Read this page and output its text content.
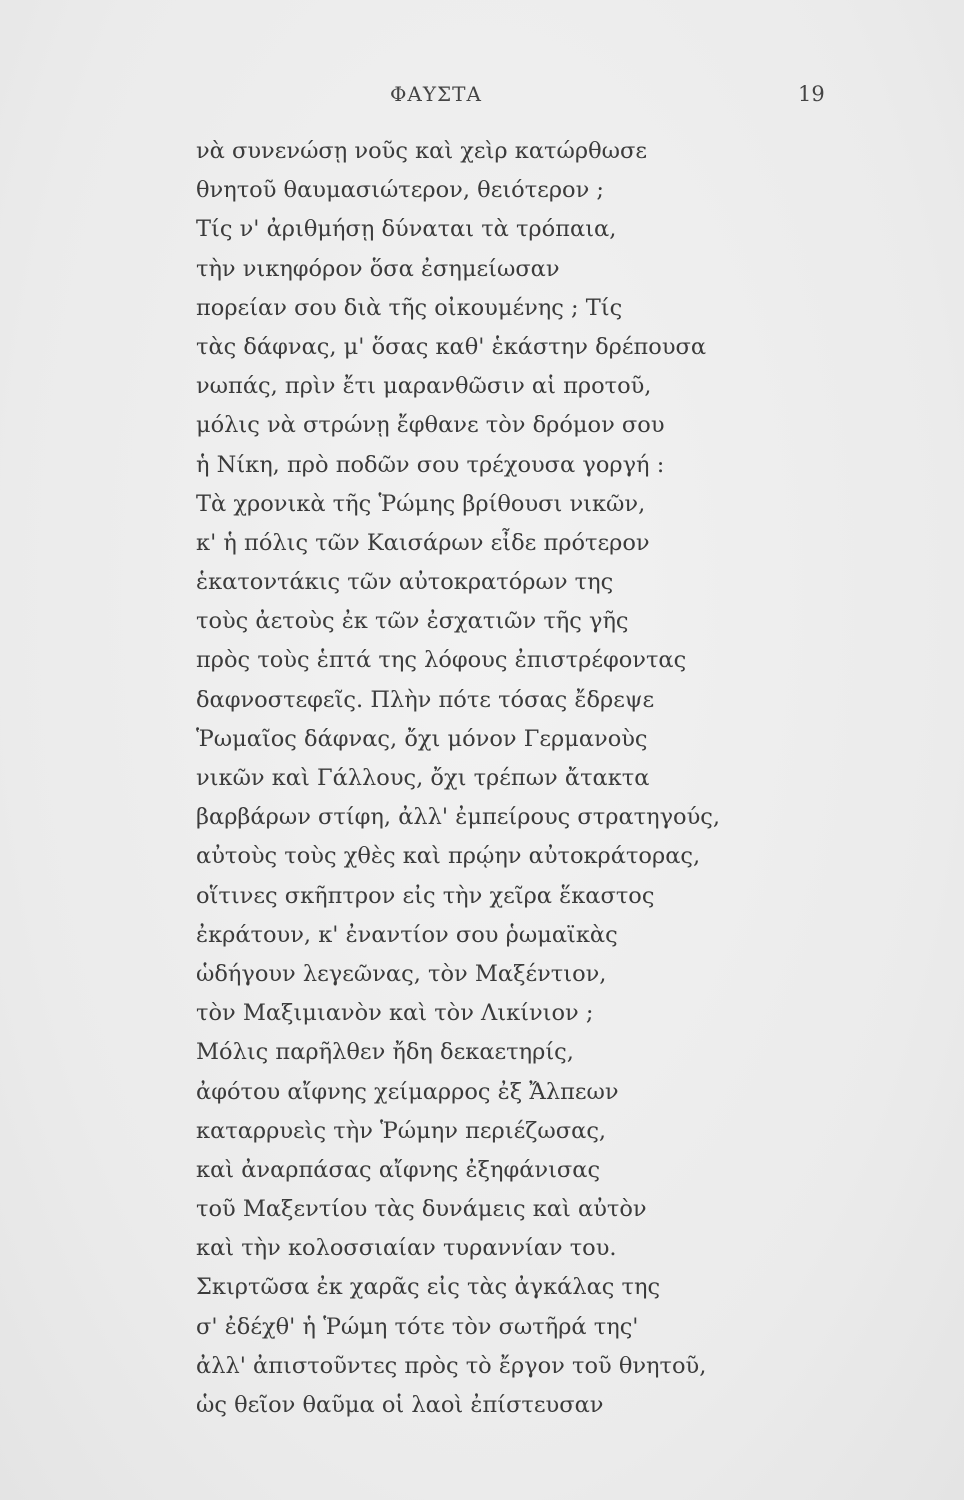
ΦΑΥΣΤΑ	19
νὰ συνενώσῃ νοῦς καὶ χεὶρ κατώρθωσε
θνητοῦ θαυμασιώτερον, θειότερον ;
Τίς ν' ἀριθμήσῃ δύναται τὰ τρόπαια,
τὴν νικηφόρον ὅσα ἐσημείωσαν
πορείαν σου διὰ τῆς οἰκουμένης ; Τίς
τὰς δάφνας, μ' ὅσας καθ' ἑκάστην δρέπουσα
νωπάς, πρὶν ἔτι μαρανθῶσιν αἱ προτοῦ,
μόλις νὰ στρώνῃ ἔφθανε τὸν δρόμον σου
ἡ Νίκη, πρὸ ποδῶν σου τρέχουσα γοργή :
Τὰ χρονικὰ τῆς Ῥώμης βρίθουσι νικῶν,
κ' ἡ πόλις τῶν Καισάρων εἶδε πρότερον
ἑκατοντάκις τῶν αὐτοκρατόρων της
τοὺς ἀετοὺς ἐκ τῶν ἐσχατιῶν τῆς γῆς
πρὸς τοὺς ἑπτά της λόφους ἐπιστρέφοντας
δαφνοστεφεῖς. Πλὴν πότε τόσας ἔδρεψε
Ῥωμαῖος δάφνας, ὄχι μόνον Γερμανοὺς
νικῶν καὶ Γάλλους, ὄχι τρέπων ἄτακτα
βαρβάρων στίφη, ἀλλ' ἐμπείρους στρατηγούς,
αὐτοὺς τοὺς χθὲς καὶ πρῴην αὐτοκράτορας,
οἵτινες σκῆπτρον εἰς τὴν χεῖρα ἕκαστος
ἐκράτουν, κ' ἐναντίον σου ῥωμαϊκὰς
ὡδήγουν λεγεῶνας, τὸν Μαξέντιον,
τὸν Μαξιμιανὸν καὶ τὸν Λικίνιον ;
Μόλις παρῆλθεν ἤδη δεκαετηρίς,
ἀφότου αἴφνης χείμαρρος ἐξ Ἄλπεων
καταρρυεὶς τὴν Ῥώμην περιέζωσας,
καὶ ἀναρπάσας αἴφνης ἐξηφάνισας
τοῦ Μαξεντίου τὰς δυνάμεις καὶ αὐτὸν
καὶ τὴν κολοσσιαίαν τυραννίαν του.
Σκιρτῶσα ἐκ χαρᾶς εἰς τὰς ἀγκάλας της
σ' ἐδέχθ' ἡ Ῥώμη τότε τὸν σωτῆρά της'
ἀλλ' ἀπιστοῦντες πρὸς τὸ ἔργον τοῦ θνητοῦ,
ὡς θεῖον θαῦμα οἱ λαοὶ ἐπίστευσαν
